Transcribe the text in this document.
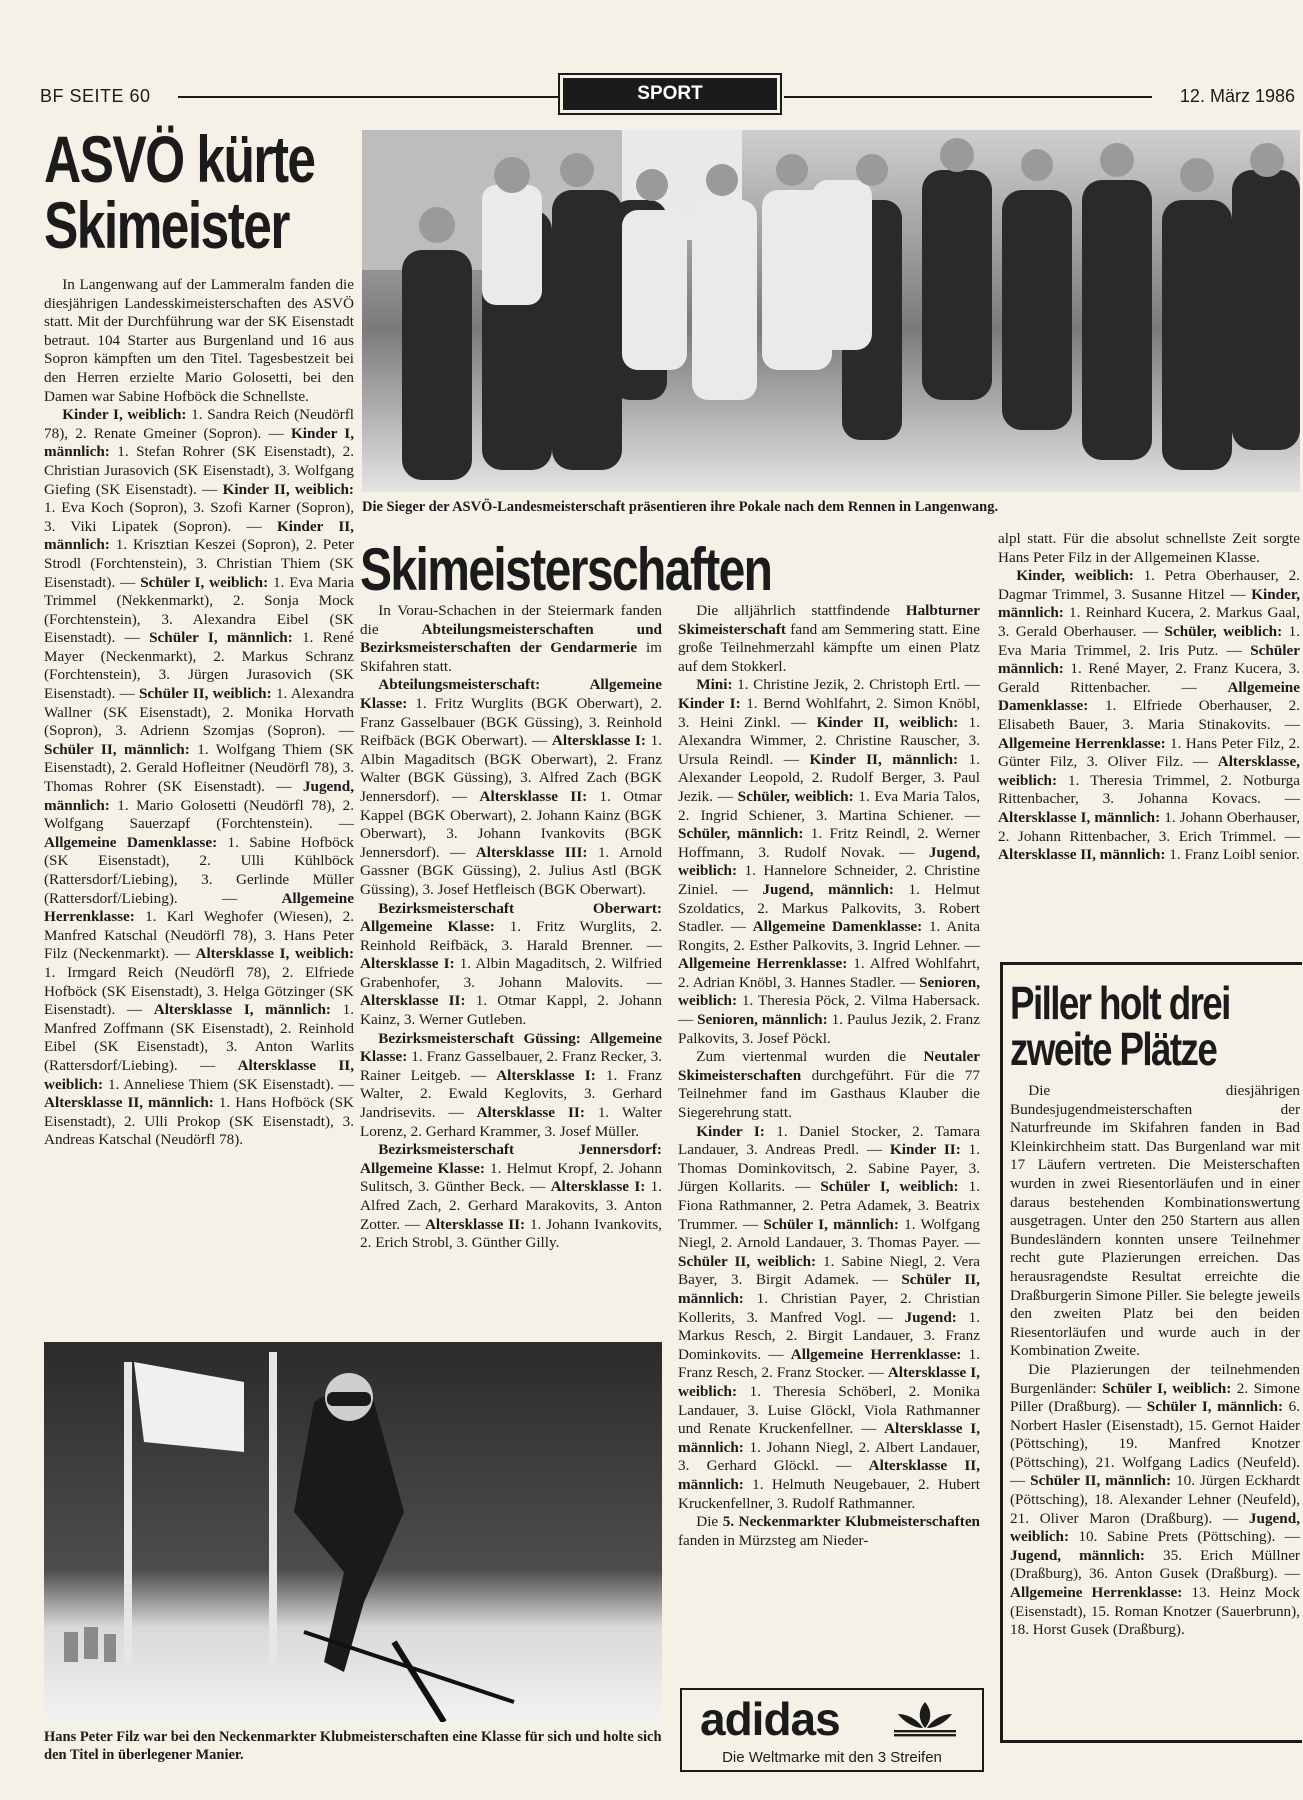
BF SEITE 60	SPORT	12. März 1986
ASVÖ kürte Skimeister

In Langenwang auf der Lammeralm fanden die diesjährigen Landesskimeisterschaften des ASVÖ statt. Mit der Durchführung war der SK Eisenstadt betraut. 104 Starter aus Burgenland und 16 aus Sopron kämpften um den Titel. Tagesbestzeit bei den Herren erzielte Mario Golosetti, bei den Damen war Sabine Hofböck die Schnellste.

Kinder I, weiblich: 1. Sandra Reich (Neudörfl 78), 2. Renate Gmeiner (Sopron). — Kinder I, männlich: 1. Stefan Rohrer (SK Eisenstadt), 2. Christian Jurasovich (SK Eisenstadt), 3. Wolfgang Giefing (SK Eisenstadt). — Kinder II, weiblich: 1. Eva Koch (Sopron), 3. Szofi Karner (Sopron), 3. Viki Lipatek (Sopron). — Kinder II, männlich: 1. Krisztian Keszei (Sopron), 2. Peter Strodl (Forchtenstein), 3. Christian Thiem (SK Eisenstadt). — Schüler I, weiblich: 1. Eva Maria Trimmel (Nekkenmarkt), 2. Sonja Mock (Forchtenstein), 3. Alexandra Eibel (SK Eisenstadt). — Schüler I, männlich: 1. René Mayer (Neckenmarkt), 2. Markus Schranz (Forchtenstein), 3. Jürgen Jurasovich (SK Eisenstadt). — Schüler II, weiblich: 1. Alexandra Wallner (SK Eisenstadt), 2. Monika Horvath (Sopron), 3. Adrienn Szomjas (Sopron). — Schüler II, männlich: 1. Wolfgang Thiem (SK Eisenstadt), 2. Gerald Hofleitner (Neudörfl 78), 3. Thomas Rohrer (SK Eisenstadt). — Jugend, männlich: 1. Mario Golosetti (Neudörfl 78), 2. Wolfgang Sauerzapf (Forchtenstein). — Allgemeine Damenklasse: 1. Sabine Hofböck (SK Eisenstadt), 2. Ulli Kühlböck (Rattersdorf/Liebing), 3. Gerlinde Müller (Rattersdorf/Liebing). — Allgemeine Herrenklasse: 1. Karl Weghofer (Wiesen), 2. Manfred Katschal (Neudörfl 78), 3. Hans Peter Filz (Neckenmarkt). — Altersklasse I, weiblich: 1. Irmgard Reich (Neudörfl 78), 2. Elfriede Hofböck (SK Eisenstadt), 3. Helga Götzinger (SK Eisenstadt). — Altersklasse I, männlich: 1. Manfred Zoffmann (SK Eisenstadt), 2. Reinhold Eibel (SK Eisenstadt), 3. Anton Warlits (Rattersdorf/Liebing). — Altersklasse II, weiblich: 1. Anneliese Thiem (SK Eisenstadt). — Altersklasse II, männlich: 1. Hans Hofböck (SK Eisenstadt), 2. Ulli Prokop (SK Eisenstadt), 3. Andreas Katschal (Neudörfl 78).

Die Sieger der ASVÖ-Landesmeisterschaft präsentieren ihre Pokale nach dem Rennen in Langenwang.
Skimeisterschaften

In Vorau-Schachen in der Steiermark fanden die Abteilungsmeisterschaften und Bezirksmeisterschaften der Gendarmerie im Skifahren statt.

Abteilungsmeisterschaft: Allgemeine Klasse: 1. Fritz Wurglits (BGK Oberwart), 2. Franz Gasselbauer (BGK Güssing), 3. Reinhold Reifbäck (BGK Oberwart). — Altersklasse I: 1. Albin Magaditsch (BGK Oberwart), 2. Franz Walter (BGK Güssing), 3. Alfred Zach (BGK Jennersdorf). — Altersklasse II: 1. Otmar Kappel (BGK Oberwart), 2. Johann Kainz (BGK Oberwart), 3. Johann Ivankovits (BGK Jennersdorf). — Altersklasse III: 1. Arnold Gassner (BGK Güssing), 2. Julius Astl (BGK Güssing), 3. Josef Hetfleisch (BGK Oberwart).

Bezirksmeisterschaft Oberwart: Allgemeine Klasse: 1. Fritz Wurglits, 2. Reinhold Reifbäck, 3. Harald Brenner. — Altersklasse I: 1. Albin Magaditsch, 2. Wilfried Grabenhofer, 3. Johann Malovits. — Altersklasse II: 1. Otmar Kappl, 2. Johann Kainz, 3. Werner Gutleben.

Bezirksmeisterschaft Güssing: Allgemeine Klasse: 1. Franz Gasselbauer, 2. Franz Recker, 3. Rainer Leitgeb. — Altersklasse I: 1. Franz Walter, 2. Ewald Keglovits, 3. Gerhard Jandrisevits. — Altersklasse II: 1. Walter Lorenz, 2. Gerhard Krammer, 3. Josef Müller.

Bezirksmeisterschaft Jennersdorf: Allgemeine Klasse: 1. Helmut Kropf, 2. Johann Sulitsch, 3. Günther Beck. — Altersklasse I: 1. Alfred Zach, 2. Gerhard Marakovits, 3. Anton Zotter. — Altersklasse II: 1. Johann Ivankovits, 2. Erich Strobl, 3. Günther Gilly.

Die alljährlich stattfindende Halbturner Skimeisterschaft fand am Semmering statt. Eine große Teilnehmerzahl kämpfte um einen Platz auf dem Stokkerl.

Mini: 1. Christine Jezik, 2. Christoph Ertl. — Kinder I: 1. Bernd Wohlfahrt, 2. Simon Knöbl, 3. Heini Zinkl. — Kinder II, weiblich: 1. Alexandra Wimmer, 2. Christine Rauscher, 3. Ursula Reindl. — Kinder II, männlich: 1. Alexander Leopold, 2. Rudolf Berger, 3. Paul Jezik. — Schüler, weiblich: 1. Eva Maria Talos, 2. Ingrid Schiener, 3. Martina Schiener. — Schüler, männlich: 1. Fritz Reindl, 2. Werner Hoffmann, 3. Rudolf Novak. — Jugend, weiblich: 1. Hannelore Schneider, 2. Christine Ziniel. — Jugend, männlich: 1. Helmut Szoldatics, 2. Markus Palkovits, 3. Robert Stadler. — Allgemeine Damenklasse: 1. Anita Rongits, 2. Esther Palkovits, 3. Ingrid Lehner. — Allgemeine Herrenklasse: 1. Alfred Wohlfahrt, 2. Adrian Knöbl, 3. Hannes Stadler. — Senioren, weiblich: 1. Theresia Pöck, 2. Vilma Habersack. — Senioren, männlich: 1. Paulus Jezik, 2. Franz Palkovits, 3. Josef Pöckl.

Zum viertenmal wurden die Neutaler Skimeisterschaften durchgeführt. Für die 77 Teilnehmer fand im Gasthaus Klauber die Siegerehrung statt.

Kinder I: 1. Daniel Stocker, 2. Tamara Landauer, 3. Andreas Predl. — Kinder II: 1. Thomas Dominkovitsch, 2. Sabine Payer, 3. Jürgen Kollarits. — Schüler I, weiblich: 1. Fiona Rathmanner, 2. Petra Adamek, 3. Beatrix Trummer. — Schüler I, männlich: 1. Wolfgang Niegl, 2. Arnold Landauer, 3. Thomas Payer. — Schüler II, weiblich: 1. Sabine Niegl, 2. Vera Bayer, 3. Birgit Adamek. — Schüler II, männlich: 1. Christian Payer, 2. Christian Kollerits, 3. Manfred Vogl. — Jugend: 1. Markus Resch, 2. Birgit Landauer, 3. Franz Dominkovits. — Allgemeine Herrenklasse: 1. Franz Resch, 2. Franz Stocker. — Altersklasse I, weiblich: 1. Theresia Schöberl, 2. Monika Landauer, 3. Luise Glöckl, Viola Rathmanner und Renate Kruckenfellner. — Altersklasse I, männlich: 1. Johann Niegl, 2. Albert Landauer, 3. Gerhard Glöckl. — Altersklasse II, männlich: 1. Helmuth Neugebauer, 2. Hubert Kruckenfellner, 3. Rudolf Rathmanner.

Die 5. Neckenmarkter Klubmeisterschaften fanden in Mürzsteg am Nieder-

alpl statt. Für die absolut schnellste Zeit sorgte Hans Peter Filz in der Allgemeinen Klasse.

Kinder, weiblich: 1. Petra Oberhauser, 2. Dagmar Trimmel, 3. Susanne Hitzel — Kinder, männlich: 1. Reinhard Kucera, 2. Markus Gaal, 3. Gerald Oberhauser. — Schüler, weiblich: 1. Eva Maria Trimmel, 2. Iris Putz. — Schüler männlich: 1. René Mayer, 2. Franz Kucera, 3. Gerald Rittenbacher. — Allgemeine Damenklasse: 1. Elfriede Oberhauser, 2. Elisabeth Bauer, 3. Maria Stinakovits. — Allgemeine Herrenklasse: 1. Hans Peter Filz, 2. Günter Filz, 3. Oliver Filz. — Altersklasse, weiblich: 1. Theresia Trimmel, 2. Notburga Rittenbacher, 3. Johanna Kovacs. — Altersklasse I, männlich: 1. Johann Oberhauser, 2. Johann Rittenbacher, 3. Erich Trimmel. — Altersklasse II, männlich: 1. Franz Loibl senior.

Hans Peter Filz war bei den Neckenmarkter Klubmeisterschaften eine Klasse für sich und holte sich den Titel in überlegener Manier.
adidas
Die Weltmarke mit den 3 Streifen
Piller holt drei zweite Plätze

Die diesjährigen Bundesjugendmeisterschaften der Naturfreunde im Skifahren fanden in Bad Kleinkirchheim statt. Das Burgenland war mit 17 Läufern vertreten. Die Meisterschaften wurden in zwei Riesentorläufen und in einer daraus bestehenden Kombinationswertung ausgetragen. Unter den 250 Startern aus allen Bundesländern konnten unsere Teilnehmer recht gute Plazierungen erreichen. Das herausragendste Resultat erreichte die Draßburgerin Simone Piller. Sie belegte jeweils den zweiten Platz bei den beiden Riesentorläufen und wurde auch in der Kombination Zweite.

Die Plazierungen der teilnehmenden Burgenländer: Schüler I, weiblich: 2. Simone Piller (Draßburg). — Schüler I, männlich: 6. Norbert Hasler (Eisenstadt), 15. Gernot Haider (Pöttsching), 19. Manfred Knotzer (Pöttsching), 21. Wolfgang Ladics (Neufeld). — Schüler II, männlich: 10. Jürgen Eckhardt (Pöttsching), 18. Alexander Lehner (Neufeld), 21. Oliver Maron (Draßburg). — Jugend, weiblich: 10. Sabine Prets (Pöttsching). — Jugend, männlich: 35. Erich Müllner (Draßburg), 36. Anton Gusek (Draßburg). — Allgemeine Herrenklasse: 13. Heinz Mock (Eisenstadt), 15. Roman Knotzer (Sauerbrunn), 18. Horst Gusek (Draßburg).
